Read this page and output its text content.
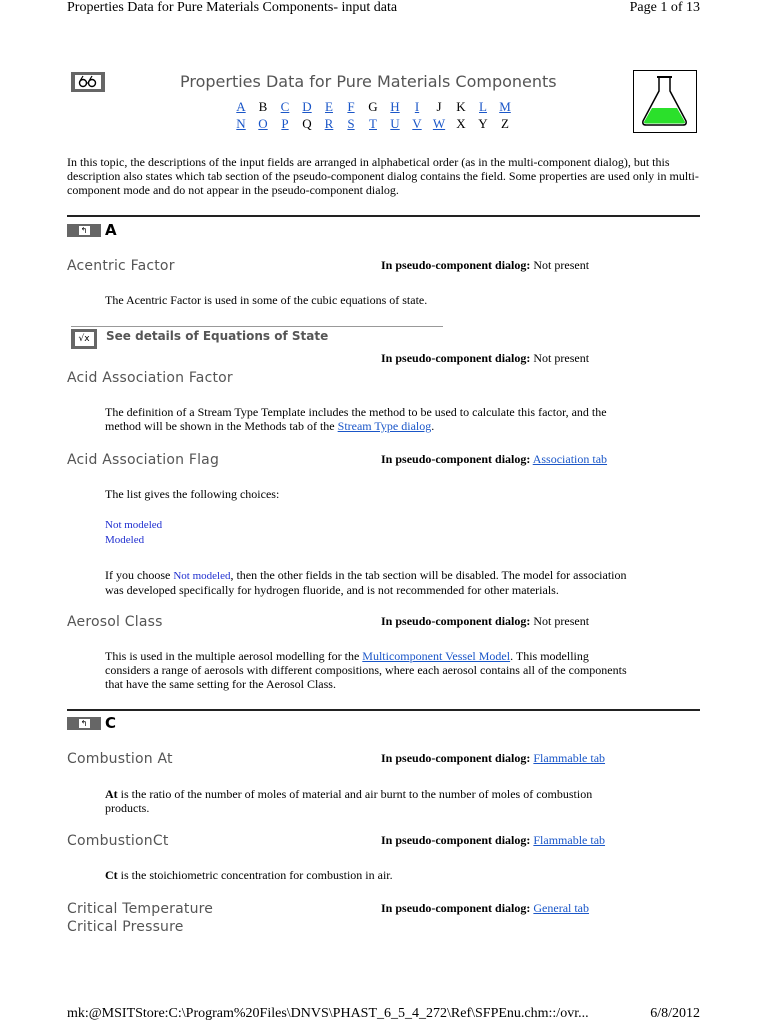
Properties Data for Pure Materials Components- input data	Page 1 of 13
Properties Data for Pure Materials Components
A B C D E F G H I J K L M
N O P Q R S T U V W X Y Z
In this topic, the descriptions of the input fields are arranged in alphabetical order (as in the multi-component dialog), but this description also states which tab section of the pseudo-component dialog contains the field. Some properties are used only in multi-component mode and do not appear in the pseudo-component dialog.
↰ A
Acentric Factor	In pseudo-component dialog: Not present
The Acentric Factor is used in some of the cubic equations of state.
√x	See details of Equations of State
In pseudo-component dialog: Not present
Acid Association Factor
The definition of a Stream Type Template includes the method to be used to calculate this factor, and the
method will be shown in the Methods tab of the Stream Type dialog.
Acid Association Flag	In pseudo-component dialog: Association tab
The list gives the following choices:
Not modeled
Modeled
If you choose Not modeled, then the other fields in the tab section will be disabled. The model for association
was developed specifically for hydrogen fluoride, and is not recommended for other materials.
Aerosol Class	In pseudo-component dialog: Not present
This is used in the multiple aerosol modelling for the Multicomponent Vessel Model. This modelling
considers a range of aerosols with different compositions, where each aerosol contains all of the components
that have the same setting for the Aerosol Class.
↰ C
Combustion At	In pseudo-component dialog: Flammable tab
At is the ratio of the number of moles of material and air burnt to the number of moles of combustion
products.
CombustionCt	In pseudo-component dialog: Flammable tab
Ct is the stoichiometric concentration for combustion in air.
Critical Temperature
Critical Pressure
In pseudo-component dialog: General tab
mk:@MSITStore:C:\Program%20Files\DNVS\PHAST_6_5_4_272\Ref\SFPEnu.chm::/ovr...	6/8/2012
